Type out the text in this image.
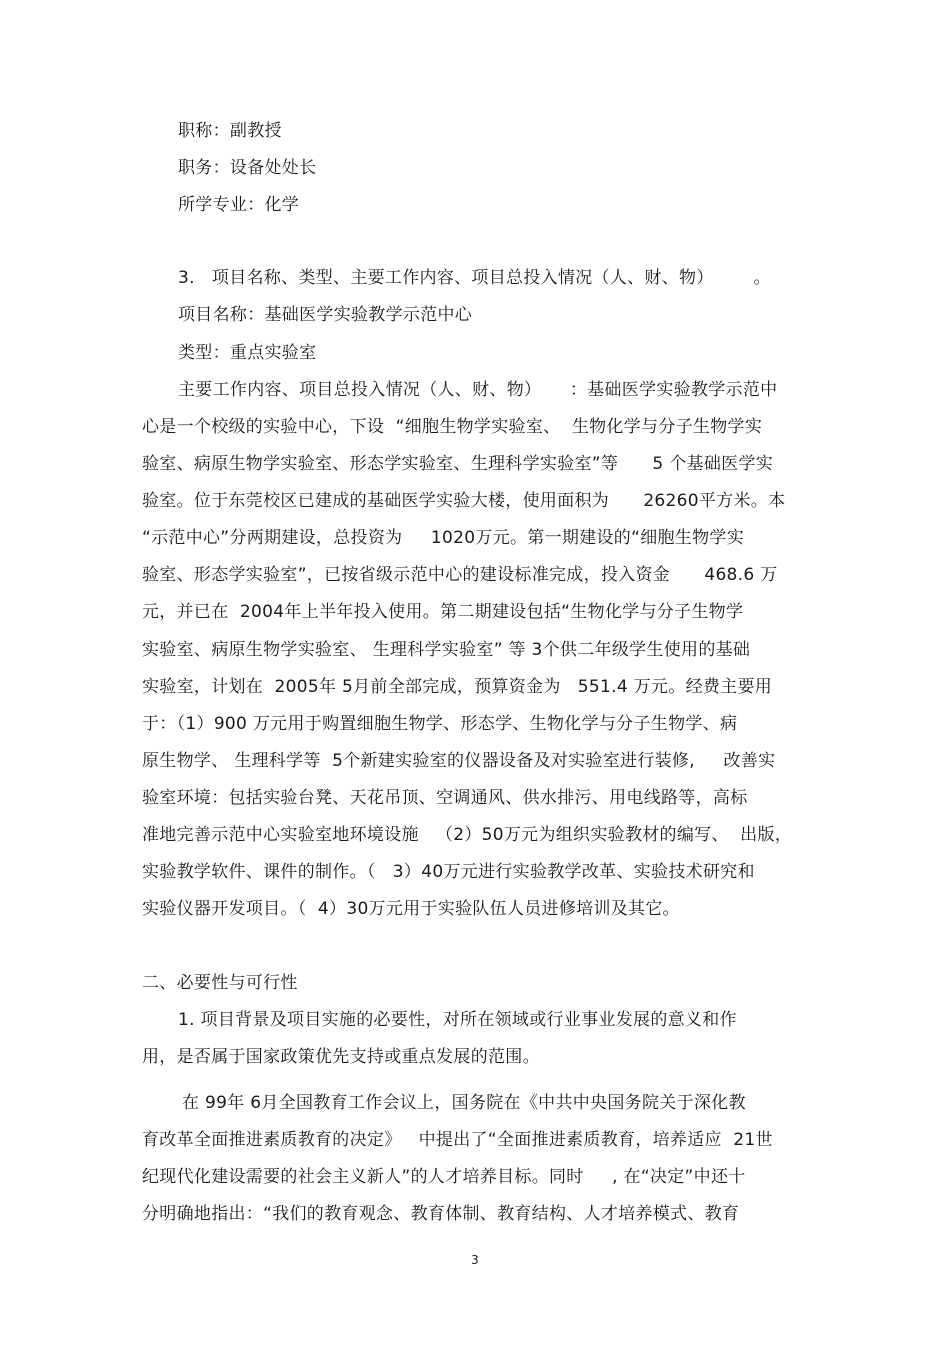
职称：副教授
职务：设备处处长
所学专业：化学
3.   项目名称、类型、主要工作内容、项目总投入情况（人、财、物）       。
项目名称：基础医学实验教学示范中心
类型：重点实验室
主要工作内容、项目总投入情况（人、财、物）     ：基础医学实验教学示范中
心是一个校级的实验中心，下设  “细胞生物学实验室、  生物化学与分子生物学实
验室、病原生物学实验室、形态学实验室、生理科学实验室”等      5 个基础医学实
验室。位于东莞校区已建成的基础医学实验大楼，使用面积为      26260平方米。本
“示范中心”分两期建设，总投资为     1020万元。第一期建设的“细胞生物学实
验室、形态学实验室”，已按省级示范中心的建设标准完成，投入资金      468.6 万
元，并已在  2004年上半年投入使用。第二期建设包括“生物化学与分子生物学
实验室、病原生物学实验室、 生理科学实验室” 等 3个供二年级学生使用的基础
实验室，计划在  2005年 5月前全部完成，预算资金为   551.4 万元。经费主要用
于：（1）900 万元用于购置细胞生物学、形态学、生物化学与分子生物学、病
原生物学、 生理科学等  5个新建实验室的仪器设备及对实验室进行装修,     改善实
验室环境：包括实验台凳、天花吊顶、空调通风、供水排污、用电线路等，高标
准地完善示范中心实验室地环境设施   （2）50万元为组织实验教材的编写、  出版，
实验教学软件、课件的制作。（   3）40万元进行实验教学改革、实验技术研究和
实验仪器开发项目。（  4）30万元用于实验队伍人员进修培训及其它。
二、必要性与可行性
1. 项目背景及项目实施的必要性，对所在领域或行业事业发展的意义和作
用，是否属于国家政策优先支持或重点发展的范围。
在 99年 6月全国教育工作会议上，国务院在《中共中央国务院关于深化教
育改革全面推进素质教育的决定》   中提出了“全面推进素质教育，培养适应  21世
纪现代化建设需要的社会主义新人”的人才培养目标。同时     , 在“决定”中还十
分明确地指出：“我们的教育观念、教育体制、教育结构、人才培养模式、教育
3
